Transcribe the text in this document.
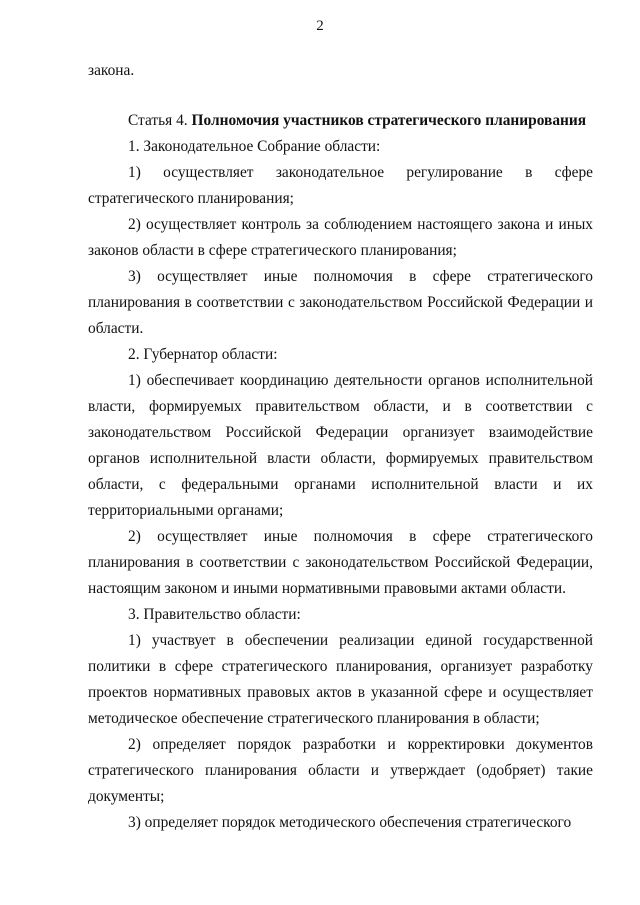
2

закона.

Статья 4. Полномочия участников стратегического планирования

1. Законодательное Собрание области:

1) осуществляет законодательное регулирование в сфере стратегического планирования;

2) осуществляет контроль за соблюдением настоящего закона и иных законов области в сфере стратегического планирования;

3) осуществляет иные полномочия в сфере стратегического планирования в соответствии с законодательством Российской Федерации и области.

2. Губернатор области:

1) обеспечивает координацию деятельности органов исполнительной власти, формируемых правительством области, и в соответствии с законодательством Российской Федерации организует взаимодействие органов исполнительной власти области, формируемых правительством области, с федеральными органами исполнительной власти и их территориальными органами;

2) осуществляет иные полномочия в сфере стратегического планирования в соответствии с законодательством Российской Федерации, настоящим законом и иными нормативными правовыми актами области.

3. Правительство области:

1) участвует в обеспечении реализации единой государственной политики в сфере стратегического планирования, организует разработку проектов нормативных правовых актов в указанной сфере и осуществляет методическое обеспечение стратегического планирования в области;

2) определяет порядок разработки и корректировки документов стратегического планирования области и утверждает (одобряет) такие документы;

3) определяет порядок методического обеспечения стратегического
